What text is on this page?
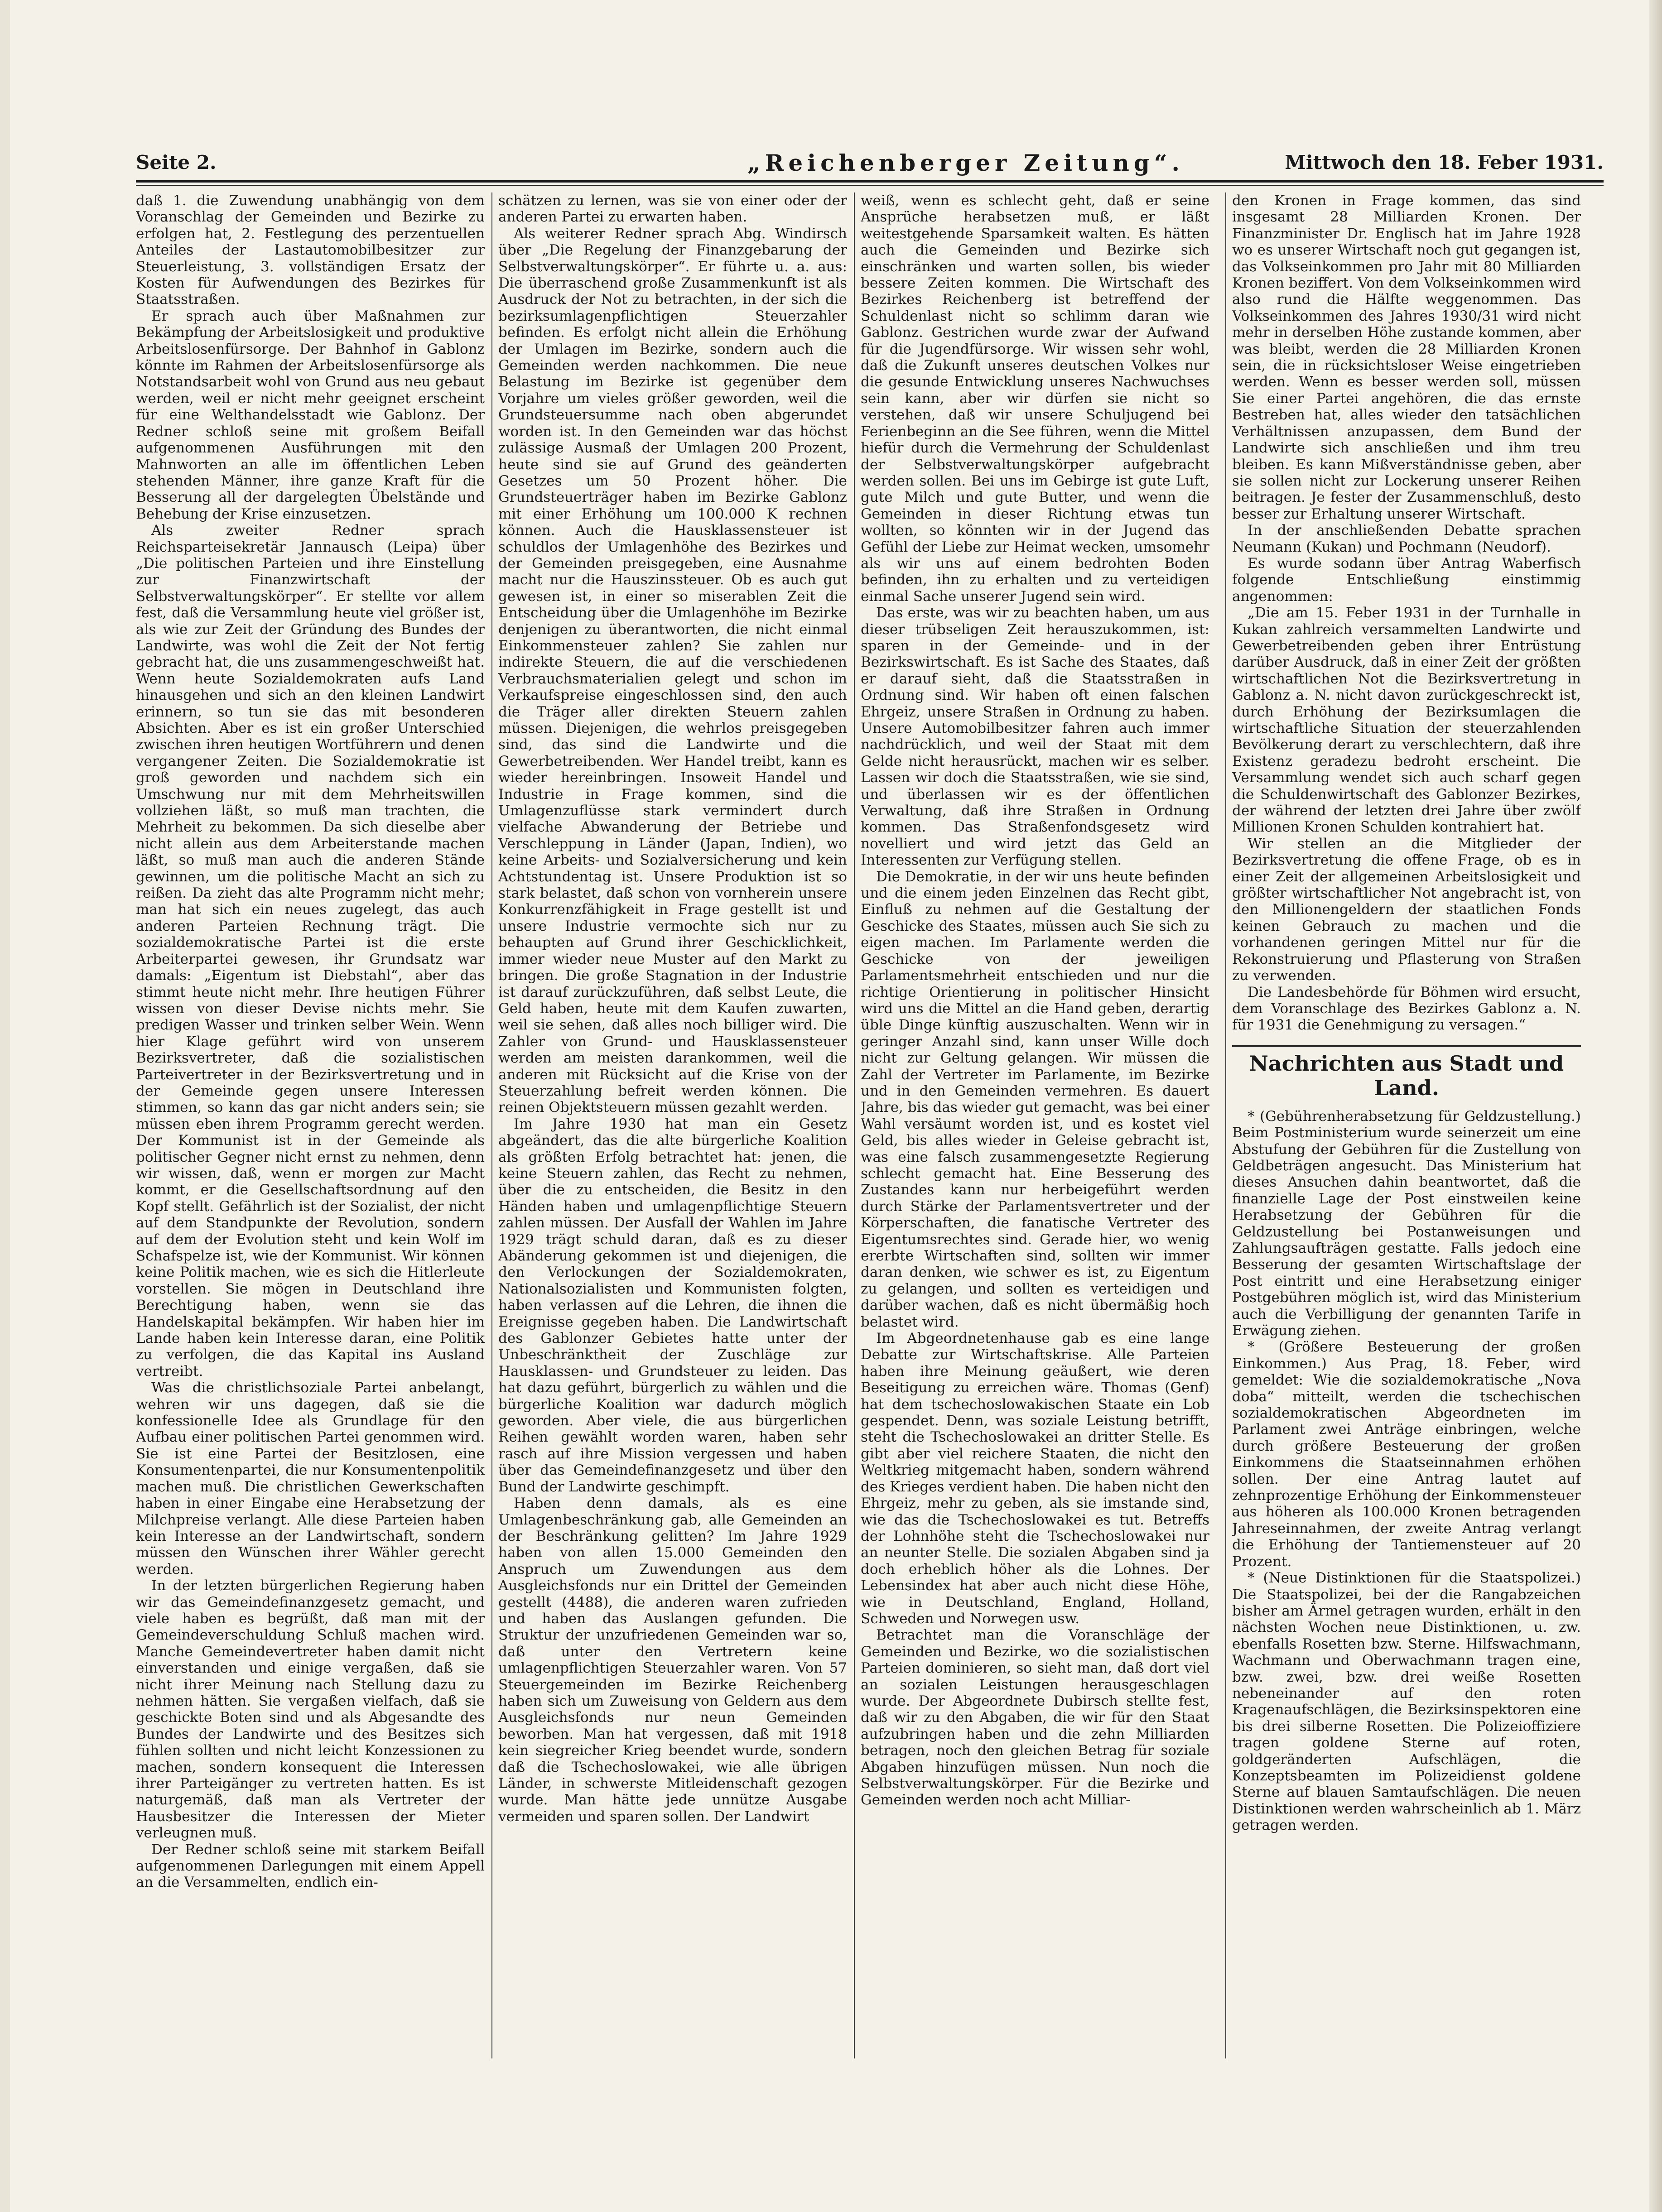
Seite 2.	„Reichenberger Zeitung“.	Mittwoch den 18. Feber 1931.

daß 1. die Zuwendung unabhängig von dem Voranschlag der Gemeinden und Bezirke zu erfolgen hat, 2. Festlegung des perzentuellen Anteiles der Lastautomobilbesitzer zur Steuerleistung, 3. vollständigen Ersatz der Kosten für Aufwendungen des Bezirkes für Staatsstraßen.

Er sprach auch über Maßnahmen zur Bekämpfung der Arbeitslosigkeit und produktive Arbeitslosenfürsorge. Der Bahnhof in Gablonz könnte im Rahmen der Arbeitslosenfürsorge als Notstandsarbeit wohl von Grund aus neu gebaut werden, weil er nicht mehr geeignet erscheint für eine Welthandelsstadt wie Gablonz. Der Redner schloß seine mit großem Beifall aufgenommenen Ausführungen mit den Mahnworten an alle im öffentlichen Leben stehenden Männer, ihre ganze Kraft für die Besserung all der dargelegten Übelstände und Behebung der Krise einzusetzen.

Als zweiter Redner sprach Reichsparteisekretär Jannausch (Leipa) über „Die politischen Parteien und ihre Einstellung zur Finanzwirtschaft der Selbstverwaltungskörper“. Er stellte vor allem fest, daß die Versammlung heute viel größer ist, als wie zur Zeit der Gründung des Bundes der Landwirte, was wohl die Zeit der Not fertig gebracht hat, die uns zusammengeschweißt hat. Wenn heute Sozialdemokraten aufs Land hinausgehen und sich an den kleinen Landwirt erinnern, so tun sie das mit besonderen Absichten. Aber es ist ein großer Unterschied zwischen ihren heutigen Wortführern und denen vergangener Zeiten. Die Sozialdemokratie ist groß geworden und nachdem sich ein Umschwung nur mit dem Mehrheitswillen vollziehen läßt, so muß man trachten, die Mehrheit zu bekommen. Da sich dieselbe aber nicht allein aus dem Arbeiterstande machen läßt, so muß man auch die anderen Stände gewinnen, um die politische Macht an sich zu reißen. Da zieht das alte Programm nicht mehr; man hat sich ein neues zugelegt, das auch anderen Parteien Rechnung trägt. Die sozialdemokratische Partei ist die erste Arbeiterpartei gewesen, ihr Grundsatz war damals: „Eigentum ist Diebstahl“, aber das stimmt heute nicht mehr. Ihre heutigen Führer wissen von dieser Devise nichts mehr. Sie predigen Wasser und trinken selber Wein. Wenn hier Klage geführt wird von unserem Bezirksvertreter, daß die sozialistischen Parteivertreter in der Bezirksvertretung und in der Gemeinde gegen unsere Interessen stimmen, so kann das gar nicht anders sein; sie müssen eben ihrem Programm gerecht werden. Der Kommunist ist in der Gemeinde als politischer Gegner nicht ernst zu nehmen, denn wir wissen, daß, wenn er morgen zur Macht kommt, er die Gesellschaftsordnung auf den Kopf stellt. Gefährlich ist der Sozialist, der nicht auf dem Standpunkte der Revolution, sondern auf dem der Evolution steht und kein Wolf im Schafspelze ist, wie der Kommunist. Wir können keine Politik machen, wie es sich die Hitlerleute vorstellen. Sie mögen in Deutschland ihre Berechtigung haben, wenn sie das Handelskapital bekämpfen. Wir haben hier im Lande haben kein Interesse daran, eine Politik zu verfolgen, die das Kapital ins Ausland vertreibt.

Was die christlichsoziale Partei anbelangt, wehren wir uns dagegen, daß sie die konfessionelle Idee als Grundlage für den Aufbau einer politischen Partei genommen wird. Sie ist eine Partei der Besitzlosen, eine Konsumentenpartei, die nur Konsumentenpolitik machen muß. Die christlichen Gewerkschaften haben in einer Eingabe eine Herabsetzung der Milchpreise verlangt. Alle diese Parteien haben kein Interesse an der Landwirtschaft, sondern müssen den Wünschen ihrer Wähler gerecht werden.

In der letzten bürgerlichen Regierung haben wir das Gemeindefinanzgesetz gemacht, und viele haben es begrüßt, daß man mit der Gemeindeverschuldung Schluß machen wird. Manche Gemeindevertreter haben damit nicht einverstanden und einige vergaßen, daß sie nicht ihrer Meinung nach Stellung dazu zu nehmen hätten. Sie vergaßen vielfach, daß sie geschickte Boten sind und als Abgesandte des Bundes der Landwirte und des Besitzes sich fühlen sollten und nicht leicht Konzessionen zu machen, sondern konsequent die Interessen ihrer Parteigänger zu vertreten hatten. Es ist naturgemäß, daß man als Vertreter der Hausbesitzer die Interessen der Mieter verleugnen muß.

Der Redner schloß seine mit starkem Beifall aufgenommenen Darlegungen mit einem Appell an die Versammelten, endlich ein-

schätzen zu lernen, was sie von einer oder der anderen Partei zu erwarten haben.

Als weiterer Redner sprach Abg. Windirsch über „Die Regelung der Finanzgebarung der Selbstverwaltungskörper“. Er führte u. a. aus: Die überraschend große Zusammenkunft ist als Ausdruck der Not zu betrachten, in der sich die bezirksumlagenpflichtigen Steuerzahler befinden. Es erfolgt nicht allein die Erhöhung der Umlagen im Bezirke, sondern auch die Gemeinden werden nachkommen. Die neue Belastung im Bezirke ist gegenüber dem Vorjahre um vieles größer geworden, weil die Grundsteuersumme nach oben abgerundet worden ist. In den Gemeinden war das höchst zulässige Ausmaß der Umlagen 200 Prozent, heute sind sie auf Grund des geänderten Gesetzes um 50 Prozent höher. Die Grundsteuerträger haben im Bezirke Gablonz mit einer Erhöhung um 100.000 K rechnen können. Auch die Hausklassensteuer ist schuldlos der Umlagenhöhe des Bezirkes und der Gemeinden preisgegeben, eine Ausnahme macht nur die Hauszinssteuer. Ob es auch gut gewesen ist, in einer so miserablen Zeit die Entscheidung über die Umlagenhöhe im Bezirke denjenigen zu überantworten, die nicht einmal Einkommensteuer zahlen? Sie zahlen nur indirekte Steuern, die auf die verschiedenen Verbrauchsmaterialien gelegt und schon im Verkaufspreise eingeschlossen sind, den auch die Träger aller direkten Steuern zahlen müssen. Diejenigen, die wehrlos preisgegeben sind, das sind die Landwirte und die Gewerbetreibenden. Wer Handel treibt, kann es wieder hereinbringen. Insoweit Handel und Industrie in Frage kommen, sind die Umlagenzuflüsse stark vermindert durch vielfache Abwanderung der Betriebe und Verschleppung in Länder (Japan, Indien), wo keine Arbeits- und Sozialversicherung und kein Achtstundentag ist. Unsere Produktion ist so stark belastet, daß schon von vornherein unsere Konkurrenzfähigkeit in Frage gestellt ist und unsere Industrie vermochte sich nur zu behaupten auf Grund ihrer Geschicklichkeit, immer wieder neue Muster auf den Markt zu bringen. Die große Stagnation in der Industrie ist darauf zurückzuführen, daß selbst Leute, die Geld haben, heute mit dem Kaufen zuwarten, weil sie sehen, daß alles noch billiger wird. Die Zahler von Grund- und Hausklassensteuer werden am meisten darankommen, weil die anderen mit Rücksicht auf die Krise von der Steuerzahlung befreit werden können. Die reinen Objektsteuern müssen gezahlt werden.

Im Jahre 1930 hat man ein Gesetz abgeändert, das die alte bürgerliche Koalition als größten Erfolg betrachtet hat: jenen, die keine Steuern zahlen, das Recht zu nehmen, über die zu entscheiden, die Besitz in den Händen haben und umlagenpflichtige Steuern zahlen müssen. Der Ausfall der Wahlen im Jahre 1929 trägt schuld daran, daß es zu dieser Abänderung gekommen ist und diejenigen, die den Verlockungen der Sozialdemokraten, Nationalsozialisten und Kommunisten folgten, haben verlassen auf die Lehren, die ihnen die Ereignisse gegeben haben. Die Landwirtschaft des Gablonzer Gebietes hatte unter der Unbeschränktheit der Zuschläge zur Hausklassen- und Grundsteuer zu leiden. Das hat dazu geführt, bürgerlich zu wählen und die bürgerliche Koalition war dadurch möglich geworden. Aber viele, die aus bürgerlichen Reihen gewählt worden waren, haben sehr rasch auf ihre Mission vergessen und haben über das Gemeindefinanzgesetz und über den Bund der Landwirte geschimpft.

Haben denn damals, als es eine Umlagenbeschränkung gab, alle Gemeinden an der Beschränkung gelitten? Im Jahre 1929 haben von allen 15.000 Gemeinden den Anspruch um Zuwendungen aus dem Ausgleichsfonds nur ein Drittel der Gemeinden gestellt (4488), die anderen waren zufrieden und haben das Auslangen gefunden. Die Struktur der unzufriedenen Gemeinden war so, daß unter den Vertretern keine umlagenpflichtigen Steuerzahler waren. Von 57 Steuergemeinden im Bezirke Reichenberg haben sich um Zuweisung von Geldern aus dem Ausgleichsfonds nur neun Gemeinden beworben. Man hat vergessen, daß mit 1918 kein siegreicher Krieg beendet wurde, sondern daß die Tschechoslowakei, wie alle übrigen Länder, in schwerste Mitleidenschaft gezogen wurde. Man hätte jede unnütze Ausgabe vermeiden und sparen sollen. Der Landwirt

weiß, wenn es schlecht geht, daß er seine Ansprüche herabsetzen muß, er läßt weitestgehende Sparsamkeit walten. Es hätten auch die Gemeinden und Bezirke sich einschränken und warten sollen, bis wieder bessere Zeiten kommen. Die Wirtschaft des Bezirkes Reichenberg ist betreffend der Schuldenlast nicht so schlimm daran wie Gablonz. Gestrichen wurde zwar der Aufwand für die Jugendfürsorge. Wir wissen sehr wohl, daß die Zukunft unseres deutschen Volkes nur die gesunde Entwicklung unseres Nachwuchses sein kann, aber wir dürfen sie nicht so verstehen, daß wir unsere Schuljugend bei Ferienbeginn an die See führen, wenn die Mittel hiefür durch die Vermehrung der Schuldenlast der Selbstverwaltungskörper aufgebracht werden sollen. Bei uns im Gebirge ist gute Luft, gute Milch und gute Butter, und wenn die Gemeinden in dieser Richtung etwas tun wollten, so könnten wir in der Jugend das Gefühl der Liebe zur Heimat wecken, umsomehr als wir uns auf einem bedrohten Boden befinden, ihn zu erhalten und zu verteidigen einmal Sache unserer Jugend sein wird.

Das erste, was wir zu beachten haben, um aus dieser trübseligen Zeit herauszukommen, ist: sparen in der Gemeinde- und in der Bezirkswirtschaft. Es ist Sache des Staates, daß er darauf sieht, daß die Staatsstraßen in Ordnung sind. Wir haben oft einen falschen Ehrgeiz, unsere Straßen in Ordnung zu haben. Unsere Automobilbesitzer fahren auch immer nachdrücklich, und weil der Staat mit dem Gelde nicht herausrückt, machen wir es selber. Lassen wir doch die Staatsstraßen, wie sie sind, und überlassen wir es der öffentlichen Verwaltung, daß ihre Straßen in Ordnung kommen. Das Straßenfondsgesetz wird novelliert und wird jetzt das Geld an Interessenten zur Verfügung stellen.

Die Demokratie, in der wir uns heute befinden und die einem jeden Einzelnen das Recht gibt, Einfluß zu nehmen auf die Gestaltung der Geschicke des Staates, müssen auch Sie sich zu eigen machen. Im Parlamente werden die Geschicke von der jeweiligen Parlamentsmehrheit entschieden und nur die richtige Orientierung in politischer Hinsicht wird uns die Mittel an die Hand geben, derartig üble Dinge künftig auszuschalten. Wenn wir in geringer Anzahl sind, kann unser Wille doch nicht zur Geltung gelangen. Wir müssen die Zahl der Vertreter im Parlamente, im Bezirke und in den Gemeinden vermehren. Es dauert Jahre, bis das wieder gut gemacht, was bei einer Wahl versäumt worden ist, und es kostet viel Geld, bis alles wieder in Geleise gebracht ist, was eine falsch zusammengesetzte Regierung schlecht gemacht hat. Eine Besserung des Zustandes kann nur herbeigeführt werden durch Stärke der Parlamentsvertreter und der Körperschaften, die fanatische Vertreter des Eigentumsrechtes sind. Gerade hier, wo wenig ererbte Wirtschaften sind, sollten wir immer daran denken, wie schwer es ist, zu Eigentum zu gelangen, und sollten es verteidigen und darüber wachen, daß es nicht übermäßig hoch belastet wird.

Im Abgeordnetenhause gab es eine lange Debatte zur Wirtschaftskrise. Alle Parteien haben ihre Meinung geäußert, wie deren Beseitigung zu erreichen wäre. Thomas (Genf) hat dem tschechoslowakischen Staate ein Lob gespendet. Denn, was soziale Leistung betrifft, steht die Tschechoslowakei an dritter Stelle. Es gibt aber viel reichere Staaten, die nicht den Weltkrieg mitgemacht haben, sondern während des Krieges verdient haben. Die haben nicht den Ehrgeiz, mehr zu geben, als sie imstande sind, wie das die Tschechoslowakei es tut. Betreffs der Lohnhöhe steht die Tschechoslowakei nur an neunter Stelle. Die sozialen Abgaben sind ja doch erheblich höher als die Lohnes. Der Lebensindex hat aber auch nicht diese Höhe, wie in Deutschland, England, Holland, Schweden und Norwegen usw.

Betrachtet man die Voranschläge der Gemeinden und Bezirke, wo die sozialistischen Parteien dominieren, so sieht man, daß dort viel an sozialen Leistungen herausgeschlagen wurde. Der Abgeordnete Dubirsch stellte fest, daß wir zu den Abgaben, die wir für den Staat aufzubringen haben und die zehn Milliarden betragen, noch den gleichen Betrag für soziale Abgaben hinzufügen müssen. Nun noch die Selbstverwaltungskörper. Für die Bezirke und Gemeinden werden noch acht Milliar-

den Kronen in Frage kommen, das sind insgesamt 28 Milliarden Kronen. Der Finanzminister Dr. Englisch hat im Jahre 1928 wo es unserer Wirtschaft noch gut gegangen ist, das Volkseinkommen pro Jahr mit 80 Milliarden Kronen beziffert. Von dem Volkseinkommen wird also rund die Hälfte weggenommen. Das Volkseinkommen des Jahres 1930/31 wird nicht mehr in derselben Höhe zustande kommen, aber was bleibt, werden die 28 Milliarden Kronen sein, die in rücksichtsloser Weise eingetrieben werden. Wenn es besser werden soll, müssen Sie einer Partei angehören, die das ernste Bestreben hat, alles wieder den tatsächlichen Verhältnissen anzupassen, dem Bund der Landwirte sich anschließen und ihm treu bleiben. Es kann Mißverständnisse geben, aber sie sollen nicht zur Lockerung unserer Reihen beitragen. Je fester der Zusammenschluß, desto besser zur Erhaltung unserer Wirtschaft.

In der anschließenden Debatte sprachen Neumann (Kukan) und Pochmann (Neudorf).

Es wurde sodann über Antrag Waberfisch folgende Entschließung einstimmig angenommen:

„Die am 15. Feber 1931 in der Turnhalle in Kukan zahlreich versammelten Landwirte und Gewerbetreibenden geben ihrer Entrüstung darüber Ausdruck, daß in einer Zeit der größten wirtschaftlichen Not die Bezirksvertretung in Gablonz a. N. nicht davon zurückgeschreckt ist, durch Erhöhung der Bezirksumlagen die wirtschaftliche Situation der steuerzahlenden Bevölkerung derart zu verschlechtern, daß ihre Existenz geradezu bedroht erscheint. Die Versammlung wendet sich auch scharf gegen die Schuldenwirtschaft des Gablonzer Bezirkes, der während der letzten drei Jahre über zwölf Millionen Kronen Schulden kontrahiert hat.

Wir stellen an die Mitglieder der Bezirksvertretung die offene Frage, ob es in einer Zeit der allgemeinen Arbeitslosigkeit und größter wirtschaftlicher Not angebracht ist, von den Millionengeldern der staatlichen Fonds keinen Gebrauch zu machen und die vorhandenen geringen Mittel nur für die Rekonstruierung und Pflasterung von Straßen zu verwenden.

Die Landesbehörde für Böhmen wird ersucht, dem Voranschlage des Bezirkes Gablonz a. N. für 1931 die Genehmigung zu versagen.“

Nachrichten aus Stadt und Land.

* (Gebührenherabsetzung für Geldzustellung.) Beim Postministerium wurde seinerzeit um eine Abstufung der Gebühren für die Zustellung von Geldbeträgen angesucht. Das Ministerium hat dieses Ansuchen dahin beantwortet, daß die finanzielle Lage der Post einstweilen keine Herabsetzung der Gebühren für die Geldzustellung bei Postanweisungen und Zahlungsaufträgen gestatte. Falls jedoch eine Besserung der gesamten Wirtschaftslage der Post eintritt und eine Herabsetzung einiger Postgebühren möglich ist, wird das Ministerium auch die Verbilligung der genannten Tarife in Erwägung ziehen.

* (Größere Besteuerung der großen Einkommen.) Aus Prag, 18. Feber, wird gemeldet: Wie die sozialdemokratische „Nova doba“ mitteilt, werden die tschechischen sozialdemokratischen Abgeordneten im Parlament zwei Anträge einbringen, welche durch größere Besteuerung der großen Einkommens die Staatseinnahmen erhöhen sollen. Der eine Antrag lautet auf zehnprozentige Erhöhung der Einkommensteuer aus höheren als 100.000 Kronen betragenden Jahreseinnahmen, der zweite Antrag verlangt die Erhöhung der Tantiemensteuer auf 20 Prozent.

* (Neue Distinktionen für die Staatspolizei.) Die Staatspolizei, bei der die Rangabzeichen bisher am Ärmel getragen wurden, erhält in den nächsten Wochen neue Distinktionen, u. zw. ebenfalls Rosetten bzw. Sterne. Hilfswachmann, Wachmann und Oberwachmann tragen eine, bzw. zwei, bzw. drei weiße Rosetten nebeneinander auf den roten Kragenaufschlägen, die Bezirksinspektoren eine bis drei silberne Rosetten. Die Polizeioffiziere tragen goldene Sterne auf roten, goldgeränderten Aufschlägen, die Konzeptsbeamten im Polizeidienst goldene Sterne auf blauen Samtaufschlägen. Die neuen Distinktionen werden wahrscheinlich ab 1. März getragen werden.
